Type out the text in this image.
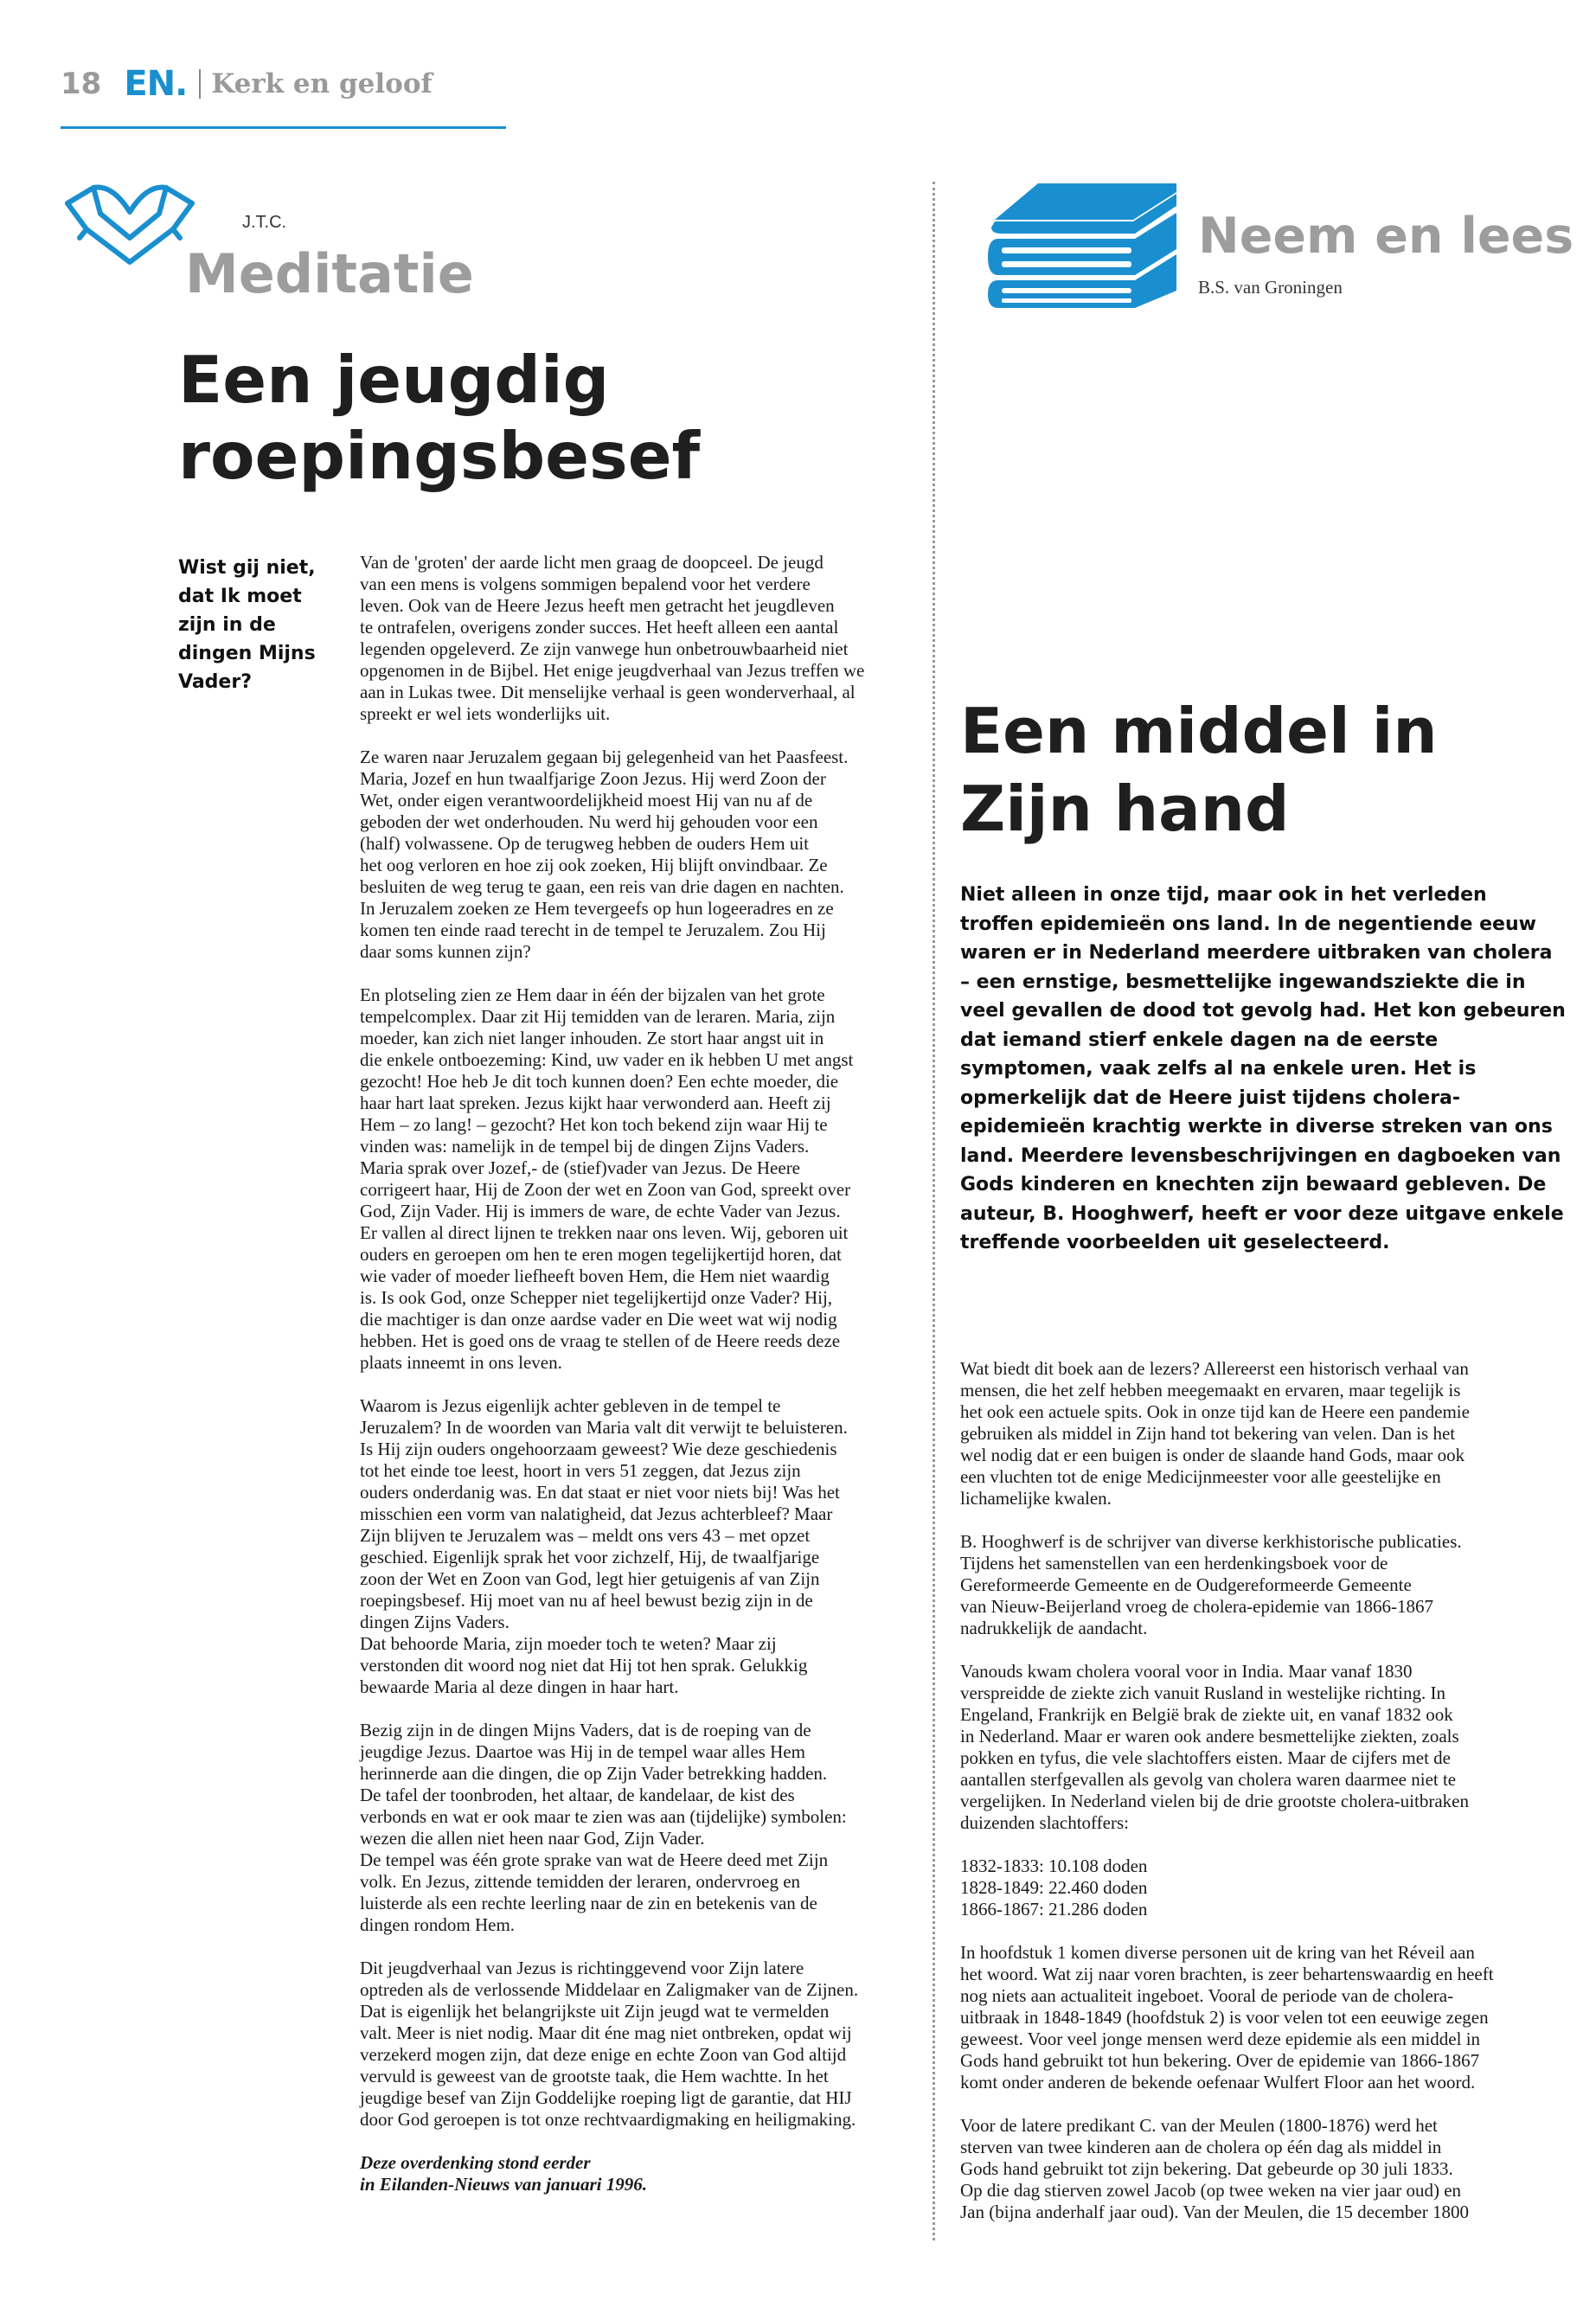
18 EN. Kerk en geloof
J.T.C.
Meditatie
Een jeugdig roepingsbesef
Wist gij niet, dat Ik moet zijn in de dingen Mijns Vader?

Van de 'groten' der aarde licht men graag de doopceel. De jeugd
van een mens is volgens sommigen bepalend voor het verdere
leven. Ook van de Heere Jezus heeft men getracht het jeugdleven
te ontrafelen, overigens zonder succes. Het heeft alleen een aantal
legenden opgeleverd. Ze zijn vanwege hun onbetrouwbaarheid niet
opgenomen in de Bijbel. Het enige jeugdverhaal van Jezus treffen we
aan in Lukas twee. Dit menselijke verhaal is geen wonderverhaal, al
spreekt er wel iets wonderlijks uit.

Ze waren naar Jeruzalem gegaan bij gelegenheid van het Paasfeest.
Maria, Jozef en hun twaalfjarige Zoon Jezus. Hij werd Zoon der
Wet, onder eigen verantwoordelijkheid moest Hij van nu af de
geboden der wet onderhouden. Nu werd hij gehouden voor een
(half) volwassene. Op de terugweg hebben de ouders Hem uit
het oog verloren en hoe zij ook zoeken, Hij blijft onvindbaar. Ze
besluiten de weg terug te gaan, een reis van drie dagen en nachten.
In Jeruzalem zoeken ze Hem tevergeefs op hun logeeradres en ze
komen ten einde raad terecht in de tempel te Jeruzalem. Zou Hij
daar soms kunnen zijn?

En plotseling zien ze Hem daar in één der bijzalen van het grote
tempelcomplex. Daar zit Hij temidden van de leraren. Maria, zijn
moeder, kan zich niet langer inhouden. Ze stort haar angst uit in
die enkele ontboezeming: Kind, uw vader en ik hebben U met angst
gezocht! Hoe heb Je dit toch kunnen doen? Een echte moeder, die
haar hart laat spreken. Jezus kijkt haar verwonderd aan. Heeft zij
Hem – zo lang! – gezocht? Het kon toch bekend zijn waar Hij te
vinden was: namelijk in de tempel bij de dingen Zijns Vaders.
Maria sprak over Jozef,- de (stief)vader van Jezus. De Heere
corrigeert haar, Hij de Zoon der wet en Zoon van God, spreekt over
God, Zijn Vader. Hij is immers de ware, de echte Vader van Jezus.
Er vallen al direct lijnen te trekken naar ons leven. Wij, geboren uit
ouders en geroepen om hen te eren mogen tegelijkertijd horen, dat
wie vader of moeder liefheeft boven Hem, die Hem niet waardig
is. Is ook God, onze Schepper niet tegelijkertijd onze Vader? Hij,
die machtiger is dan onze aardse vader en Die weet wat wij nodig
hebben. Het is goed ons de vraag te stellen of de Heere reeds deze
plaats inneemt in ons leven.

Waarom is Jezus eigenlijk achter gebleven in de tempel te
Jeruzalem? In de woorden van Maria valt dit verwijt te beluisteren.
Is Hij zijn ouders ongehoorzaam geweest? Wie deze geschiedenis
tot het einde toe leest, hoort in vers 51 zeggen, dat Jezus zijn
ouders onderdanig was. En dat staat er niet voor niets bij! Was het
misschien een vorm van nalatigheid, dat Jezus achterbleef? Maar
Zijn blijven te Jeruzalem was – meldt ons vers 43 – met opzet
geschied. Eigenlijk sprak het voor zichzelf, Hij, de twaalfjarige
zoon der Wet en Zoon van God, legt hier getuigenis af van Zijn
roepingsbesef. Hij moet van nu af heel bewust bezig zijn in de
dingen Zijns Vaders.
Dat behoorde Maria, zijn moeder toch te weten? Maar zij
verstonden dit woord nog niet dat Hij tot hen sprak. Gelukkig
bewaarde Maria al deze dingen in haar hart.

Bezig zijn in de dingen Mijns Vaders, dat is de roeping van de
jeugdige Jezus. Daartoe was Hij in de tempel waar alles Hem
herinnerde aan die dingen, die op Zijn Vader betrekking hadden.
De tafel der toonbroden, het altaar, de kandelaar, de kist des
verbonds en wat er ook maar te zien was aan (tijdelijke) symbolen:
wezen die allen niet heen naar God, Zijn Vader.
De tempel was één grote sprake van wat de Heere deed met Zijn
volk. En Jezus, zittende temidden der leraren, ondervroeg en
luisterde als een rechte leerling naar de zin en betekenis van de
dingen rondom Hem.

Dit jeugdverhaal van Jezus is richtinggevend voor Zijn latere
optreden als de verlossende Middelaar en Zaligmaker van de Zijnen.
Dat is eigenlijk het belangrijkste uit Zijn jeugd wat te vermelden
valt. Meer is niet nodig. Maar dit éne mag niet ontbreken, opdat wij
verzekerd mogen zijn, dat deze enige en echte Zoon van God altijd
vervuld is geweest van de grootste taak, die Hem wachtte. In het
jeugdige besef van Zijn Goddelijke roeping ligt de garantie, dat HIJ
door God geroepen is tot onze rechtvaardigmaking en heiligmaking.

Deze overdenking stond eerder
in Eilanden-Nieuws van januari 1996.

Neem en lees
B.S. van Groningen
Een middel in Zijn hand
Niet alleen in onze tijd, maar ook in het verleden troffen epidemieën ons land. In de negentiende eeuw waren er in Nederland meerdere uitbraken van cholera – een ernstige, besmettelijke ingewandsziekte die in veel gevallen de dood tot gevolg had. Het kon gebeuren dat iemand stierf enkele dagen na de eerste symptomen, vaak zelfs al na enkele uren. Het is opmerkelijk dat de Heere juist tijdens cholera-epidemieën krachtig werkte in diverse streken van ons land. Meerdere levensbeschrijvingen en dagboeken van Gods kinderen en knechten zijn bewaard gebleven. De auteur, B. Hooghwerf, heeft er voor deze uitgave enkele treffende voorbeelden uit geselecteerd.

Wat biedt dit boek aan de lezers? Allereerst een historisch verhaal van
mensen, die het zelf hebben meegemaakt en ervaren, maar tegelijk is
het ook een actuele spits. Ook in onze tijd kan de Heere een pandemie
gebruiken als middel in Zijn hand tot bekering van velen. Dan is het
wel nodig dat er een buigen is onder de slaande hand Gods, maar ook
een vluchten tot de enige Medicijnmeester voor alle geestelijke en
lichamelijke kwalen.

B. Hooghwerf is de schrijver van diverse kerkhistorische publicaties.
Tijdens het samenstellen van een herdenkingsboek voor de
Gereformeerde Gemeente en de Oudgereformeerde Gemeente
van Nieuw-Beijerland vroeg de cholera-epidemie van 1866-1867
nadrukkelijk de aandacht.

Vanouds kwam cholera vooral voor in India. Maar vanaf 1830
verspreidde de ziekte zich vanuit Rusland in westelijke richting. In
Engeland, Frankrijk en België brak de ziekte uit, en vanaf 1832 ook
in Nederland. Maar er waren ook andere besmettelijke ziekten, zoals
pokken en tyfus, die vele slachtoffers eisten. Maar de cijfers met de
aantallen sterfgevallen als gevolg van cholera waren daarmee niet te
vergelijken. In Nederland vielen bij de drie grootste cholera-uitbraken
duizenden slachtoffers:

1832-1833: 10.108 doden
1828-1849: 22.460 doden
1866-1867: 21.286 doden

In hoofdstuk 1 komen diverse personen uit de kring van het Réveil aan
het woord. Wat zij naar voren brachten, is zeer behartenswaardig en heeft
nog niets aan actualiteit ingeboet. Vooral de periode van de cholera-
uitbraak in 1848-1849 (hoofdstuk 2) is voor velen tot een eeuwige zegen
geweest. Voor veel jonge mensen werd deze epidemie als een middel in
Gods hand gebruikt tot hun bekering. Over de epidemie van 1866-1867
komt onder anderen de bekende oefenaar Wulfert Floor aan het woord.

Voor de latere predikant C. van der Meulen (1800-1876) werd het
sterven van twee kinderen aan de cholera op één dag als middel in
Gods hand gebruikt tot zijn bekering. Dat gebeurde op 30 juli 1833.
Op die dag stierven zowel Jacob (op twee weken na vier jaar oud) en
Jan (bijna anderhalf jaar oud). Van der Meulen, die 15 december 1800
